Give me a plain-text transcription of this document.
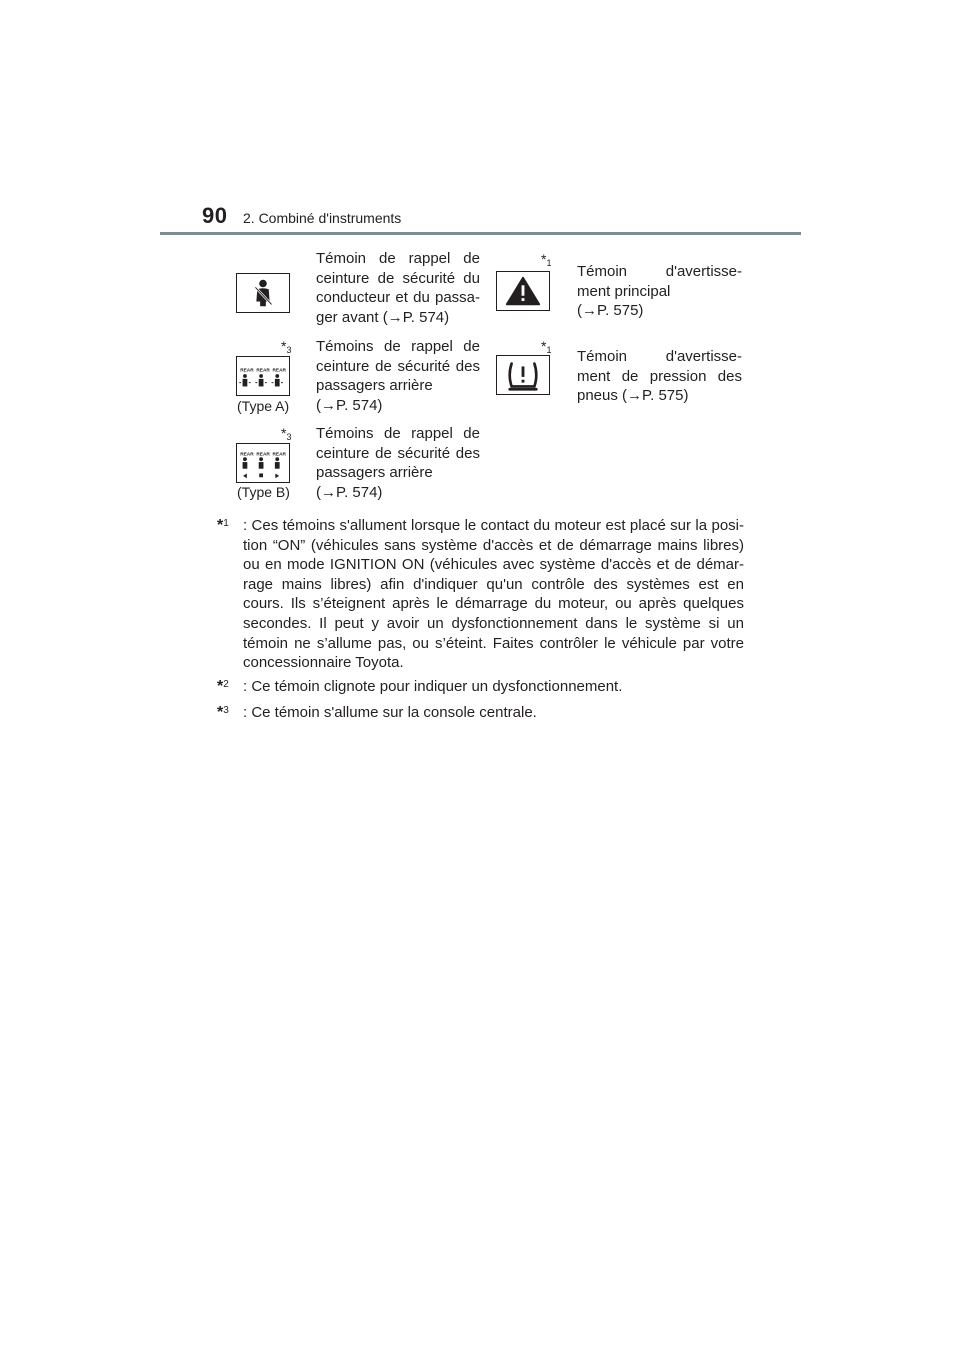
90 2. Combiné d'instruments
Témoin de rappel de
ceinture de sécurité du
conducteur et du passa-
ger avant (→P. 574)
$*_1$ Témoin d'avertisse-
ment principal
(→P. 575)
$*_3$
REAR REAR REAR
(Type A)
Témoins de rappel de
ceinture de sécurité des
passagers arrière
(→P. 574)
$*_1$ Témoin d'avertisse-
ment de pression des
pneus (→P. 575)
$*_3$
REAR REAR REAR
(Type B)
Témoins de rappel de
ceinture de sécurité des
passagers arrière
(→P. 574)
*$^1$ : Ces témoins s'allument lorsque le contact du moteur est placé sur la posi-
tion “ON” (véhicules sans système d'accès et de démarrage mains libres)
ou en mode IGNITION ON (véhicules avec système d'accès et de démar-
rage mains libres) afin d'indiquer qu'un contrôle des systèmes est en
cours. Ils s’éteignent après le démarrage du moteur, ou après quelques
secondes. Il peut y avoir un dysfonctionnement dans le système si un
témoin ne s’allume pas, ou s’éteint. Faites contrôler le véhicule par votre
concessionnaire Toyota.
*$^2$ : Ce témoin clignote pour indiquer un dysfonctionnement.
*$^3$ : Ce témoin s'allume sur la console centrale.
